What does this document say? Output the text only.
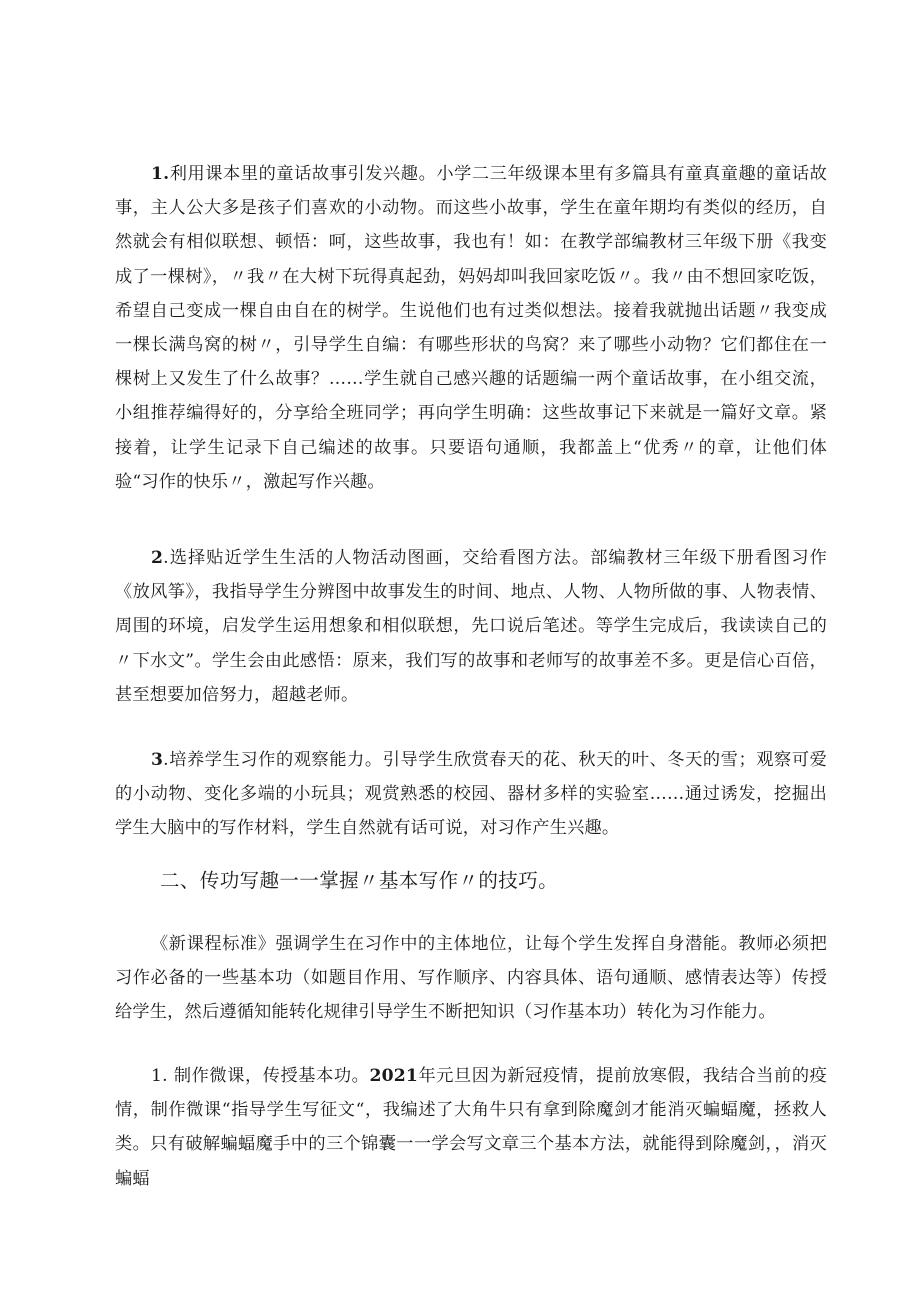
1.利用课本里的童话故事引发兴趣。小学二三年级课本里有多篇具有童真童趣的童话故事，主人公大多是孩子们喜欢的小动物。而这些小故事，学生在童年期均有类似的经历，自然就会有相似联想、顿悟：呵，这些故事，我也有！如：在教学部编教材三年级下册《我变成了一棵树》，〃我〃在大树下玩得真起劲，妈妈却叫我回家吃饭〃。我〃由不想回家吃饭，希望自己变成一棵自由自在的树学。生说他们也有过类似想法。接着我就抛出话题〃我变成一棵长满鸟窝的树〃，引导学生自编：有哪些形状的鸟窝？来了哪些小动物？它们都住在一棵树上又发生了什么故事？……学生就自己感兴趣的话题编一两个童话故事，在小组交流，小组推荐编得好的，分享给全班同学；再向学生明确：这些故事记下来就是一篇好文章。紧接着，让学生记录下自己编述的故事。只要语句通顺，我都盖上“优秀〃的章，让他们体验“习作的快乐〃，激起写作兴趣。

2.选择贴近学生生活的人物活动图画，交给看图方法。部编教材三年级下册看图习作《放风筝》，我指导学生分辨图中故事发生的时间、地点、人物、人物所做的事、人物表情、周围的环境，启发学生运用想象和相似联想，先口说后笔述。等学生完成后，我读读自己的〃下水文”。学生会由此感悟：原来，我们写的故事和老师写的故事差不多。更是信心百倍，甚至想要加倍努力，超越老师。

3.培养学生习作的观察能力。引导学生欣赏春天的花、秋天的叶、冬天的雪；观察可爱的小动物、变化多端的小玩具；观赏熟悉的校园、器材多样的实验室……通过诱发，挖掘出学生大脑中的写作材料，学生自然就有话可说，对习作产生兴趣。

二、传功写趣一一掌握〃基本写作〃的技巧。

《新课程标准》强调学生在习作中的主体地位，让每个学生发挥自身潜能。教师必须把习作必备的一些基本功（如题目作用、写作顺序、内容具体、语句通顺、感情表达等）传授给学生，然后遵循知能转化规律引导学生不断把知识（习作基本功）转化为习作能力。

1. 制作微课，传授基本功。2021年元旦因为新冠疫情，提前放寒假，我结合当前的疫情，制作微课“指导学生写征文“，我编述了大角牛只有拿到除魔剑才能消灭蝙蝠魔，拯救人类。只有破解蝙蝠魔手中的三个锦囊一一学会写文章三个基本方法，就能得到除魔剑，，消灭蝙蝠
